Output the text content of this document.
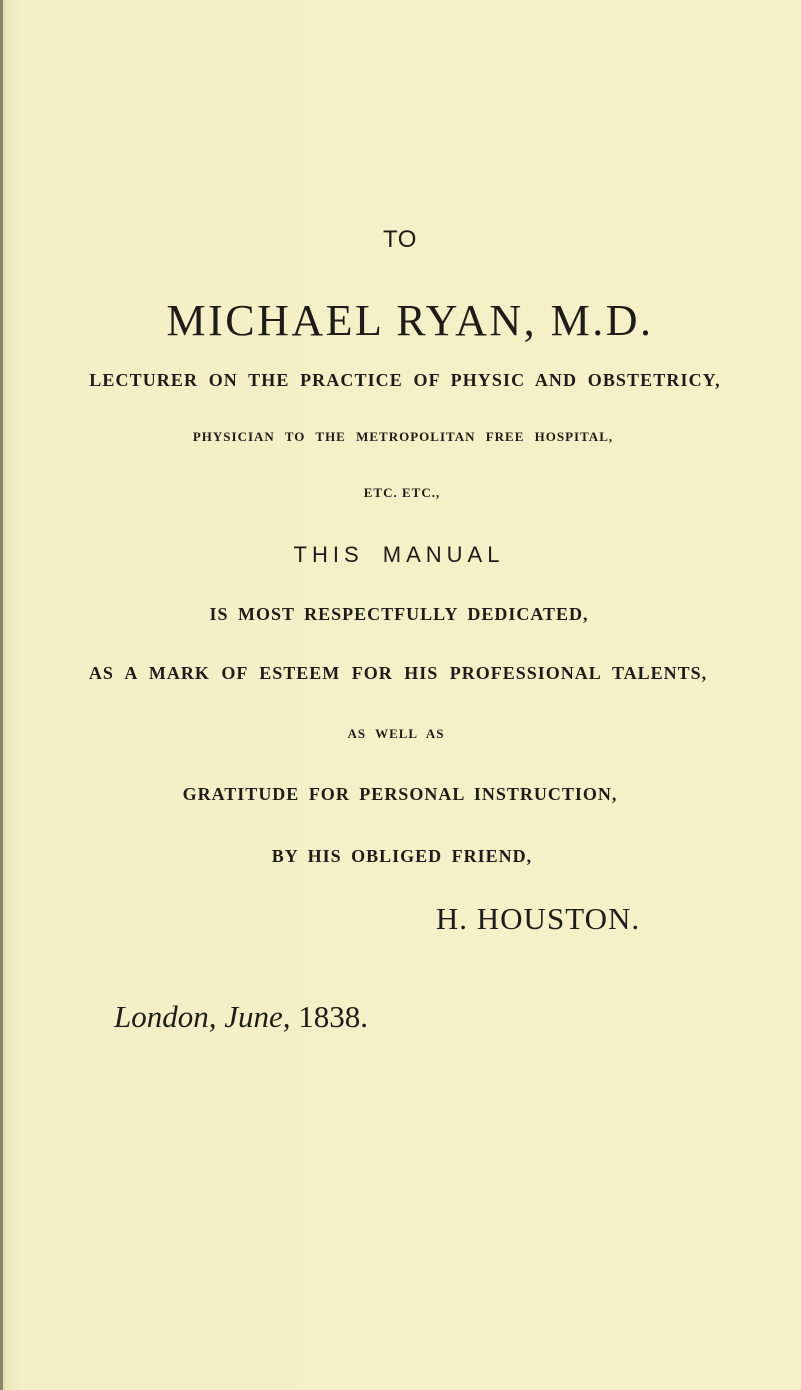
TO
MICHAEL RYAN, M.D.
LECTURER ON THE PRACTICE OF PHYSIC AND OBSTETRICY,
PHYSICIAN TO THE METROPOLITAN FREE HOSPITAL,
ETC. ETC.,
THIS MANUAL
IS MOST RESPECTFULLY DEDICATED,
AS A MARK OF ESTEEM FOR HIS PROFESSIONAL TALENTS,
AS WELL AS
GRATITUDE FOR PERSONAL INSTRUCTION,
BY HIS OBLIGED FRIEND,
H. HOUSTON.
London, June, 1838.
